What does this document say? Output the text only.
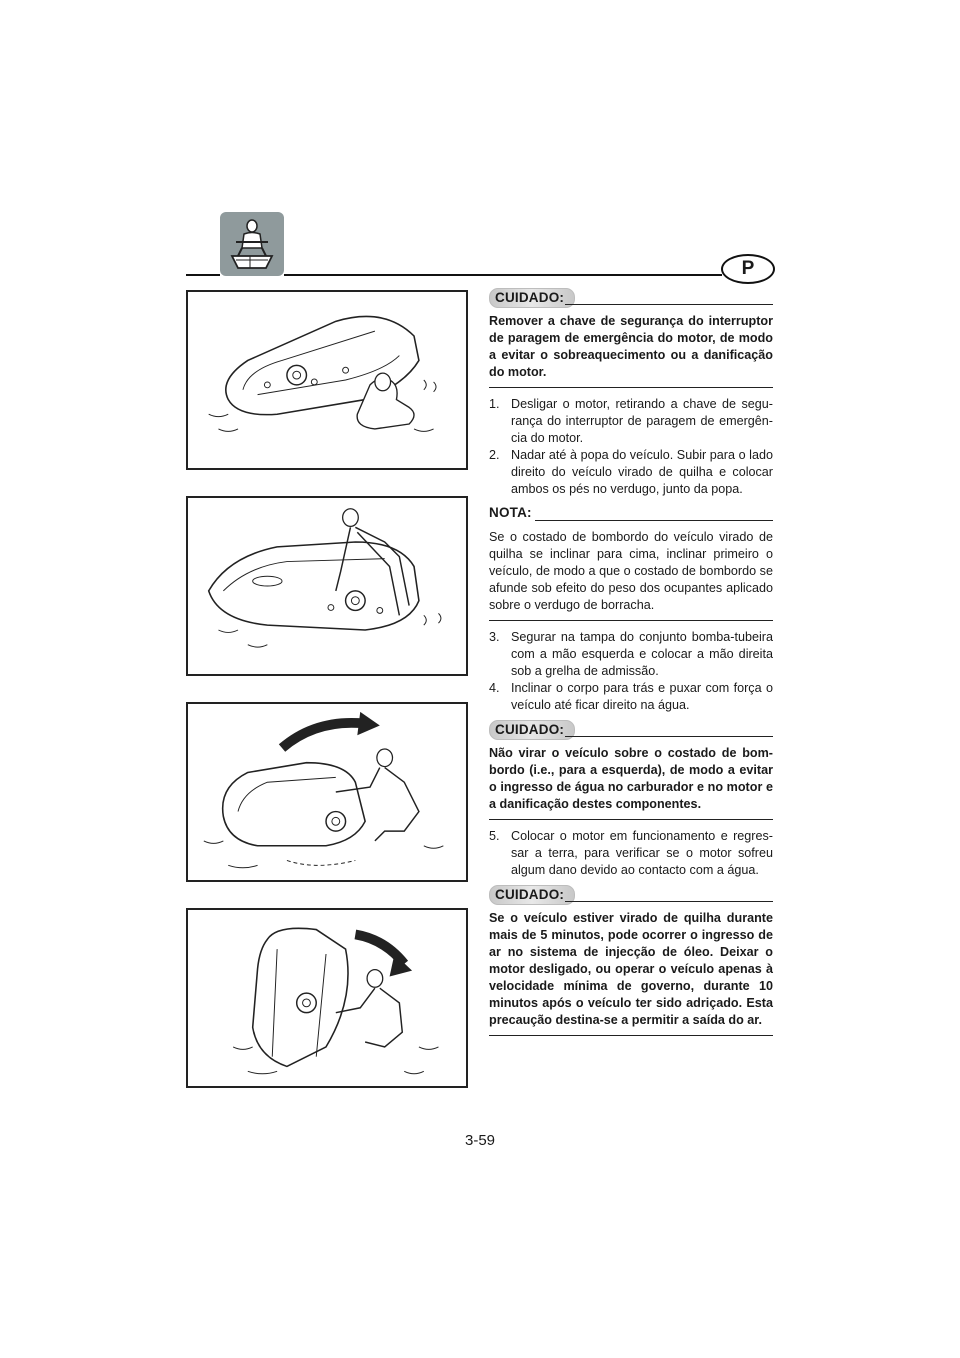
P
CUIDADO:
Remover a chave de segurança do interruptor de paragem de emergência do motor, de modo a evitar o sobreaquecimento ou a danificação do motor.
1. Desligar o motor, retirando a chave de segurança do interruptor de paragem de emergência do motor.
2. Nadar até à popa do veículo. Subir para o lado direito do veículo virado de quilha e colocar ambos os pés no verdugo, junto da popa.
NOTA:
Se o costado de bombordo do veículo virado de quilha se inclinar para cima, inclinar primeiro o veículo, de modo a que o costado de bombordo se afunde sob efeito do peso dos ocupantes aplicado sobre o verdugo de borracha.
3. Segurar na tampa do conjunto bomba-tubeira com a mão esquerda e colocar a mão direita sob a grelha de admissão.
4. Inclinar o corpo para trás e puxar com força o veículo até ficar direito na água.
CUIDADO:
Não virar o veículo sobre o costado de bombordo (i.e., para a esquerda), de modo a evitar o ingresso de água no carburador e no motor e a danificação destes componentes.
5. Colocar o motor em funcionamento e regressar a terra, para verificar se o motor sofreu algum dano devido ao contacto com a água.
CUIDADO:
Se o veículo estiver virado de quilha durante mais de 5 minutos, pode ocorrer o ingresso de ar no sistema de injecção de óleo. Deixar o motor desligado, ou operar o veículo apenas à velocidade mínima de governo, durante 10 minutos após o veículo ter sido adriçado. Esta precaução destina-se a permitir a saída do ar.
3-59
